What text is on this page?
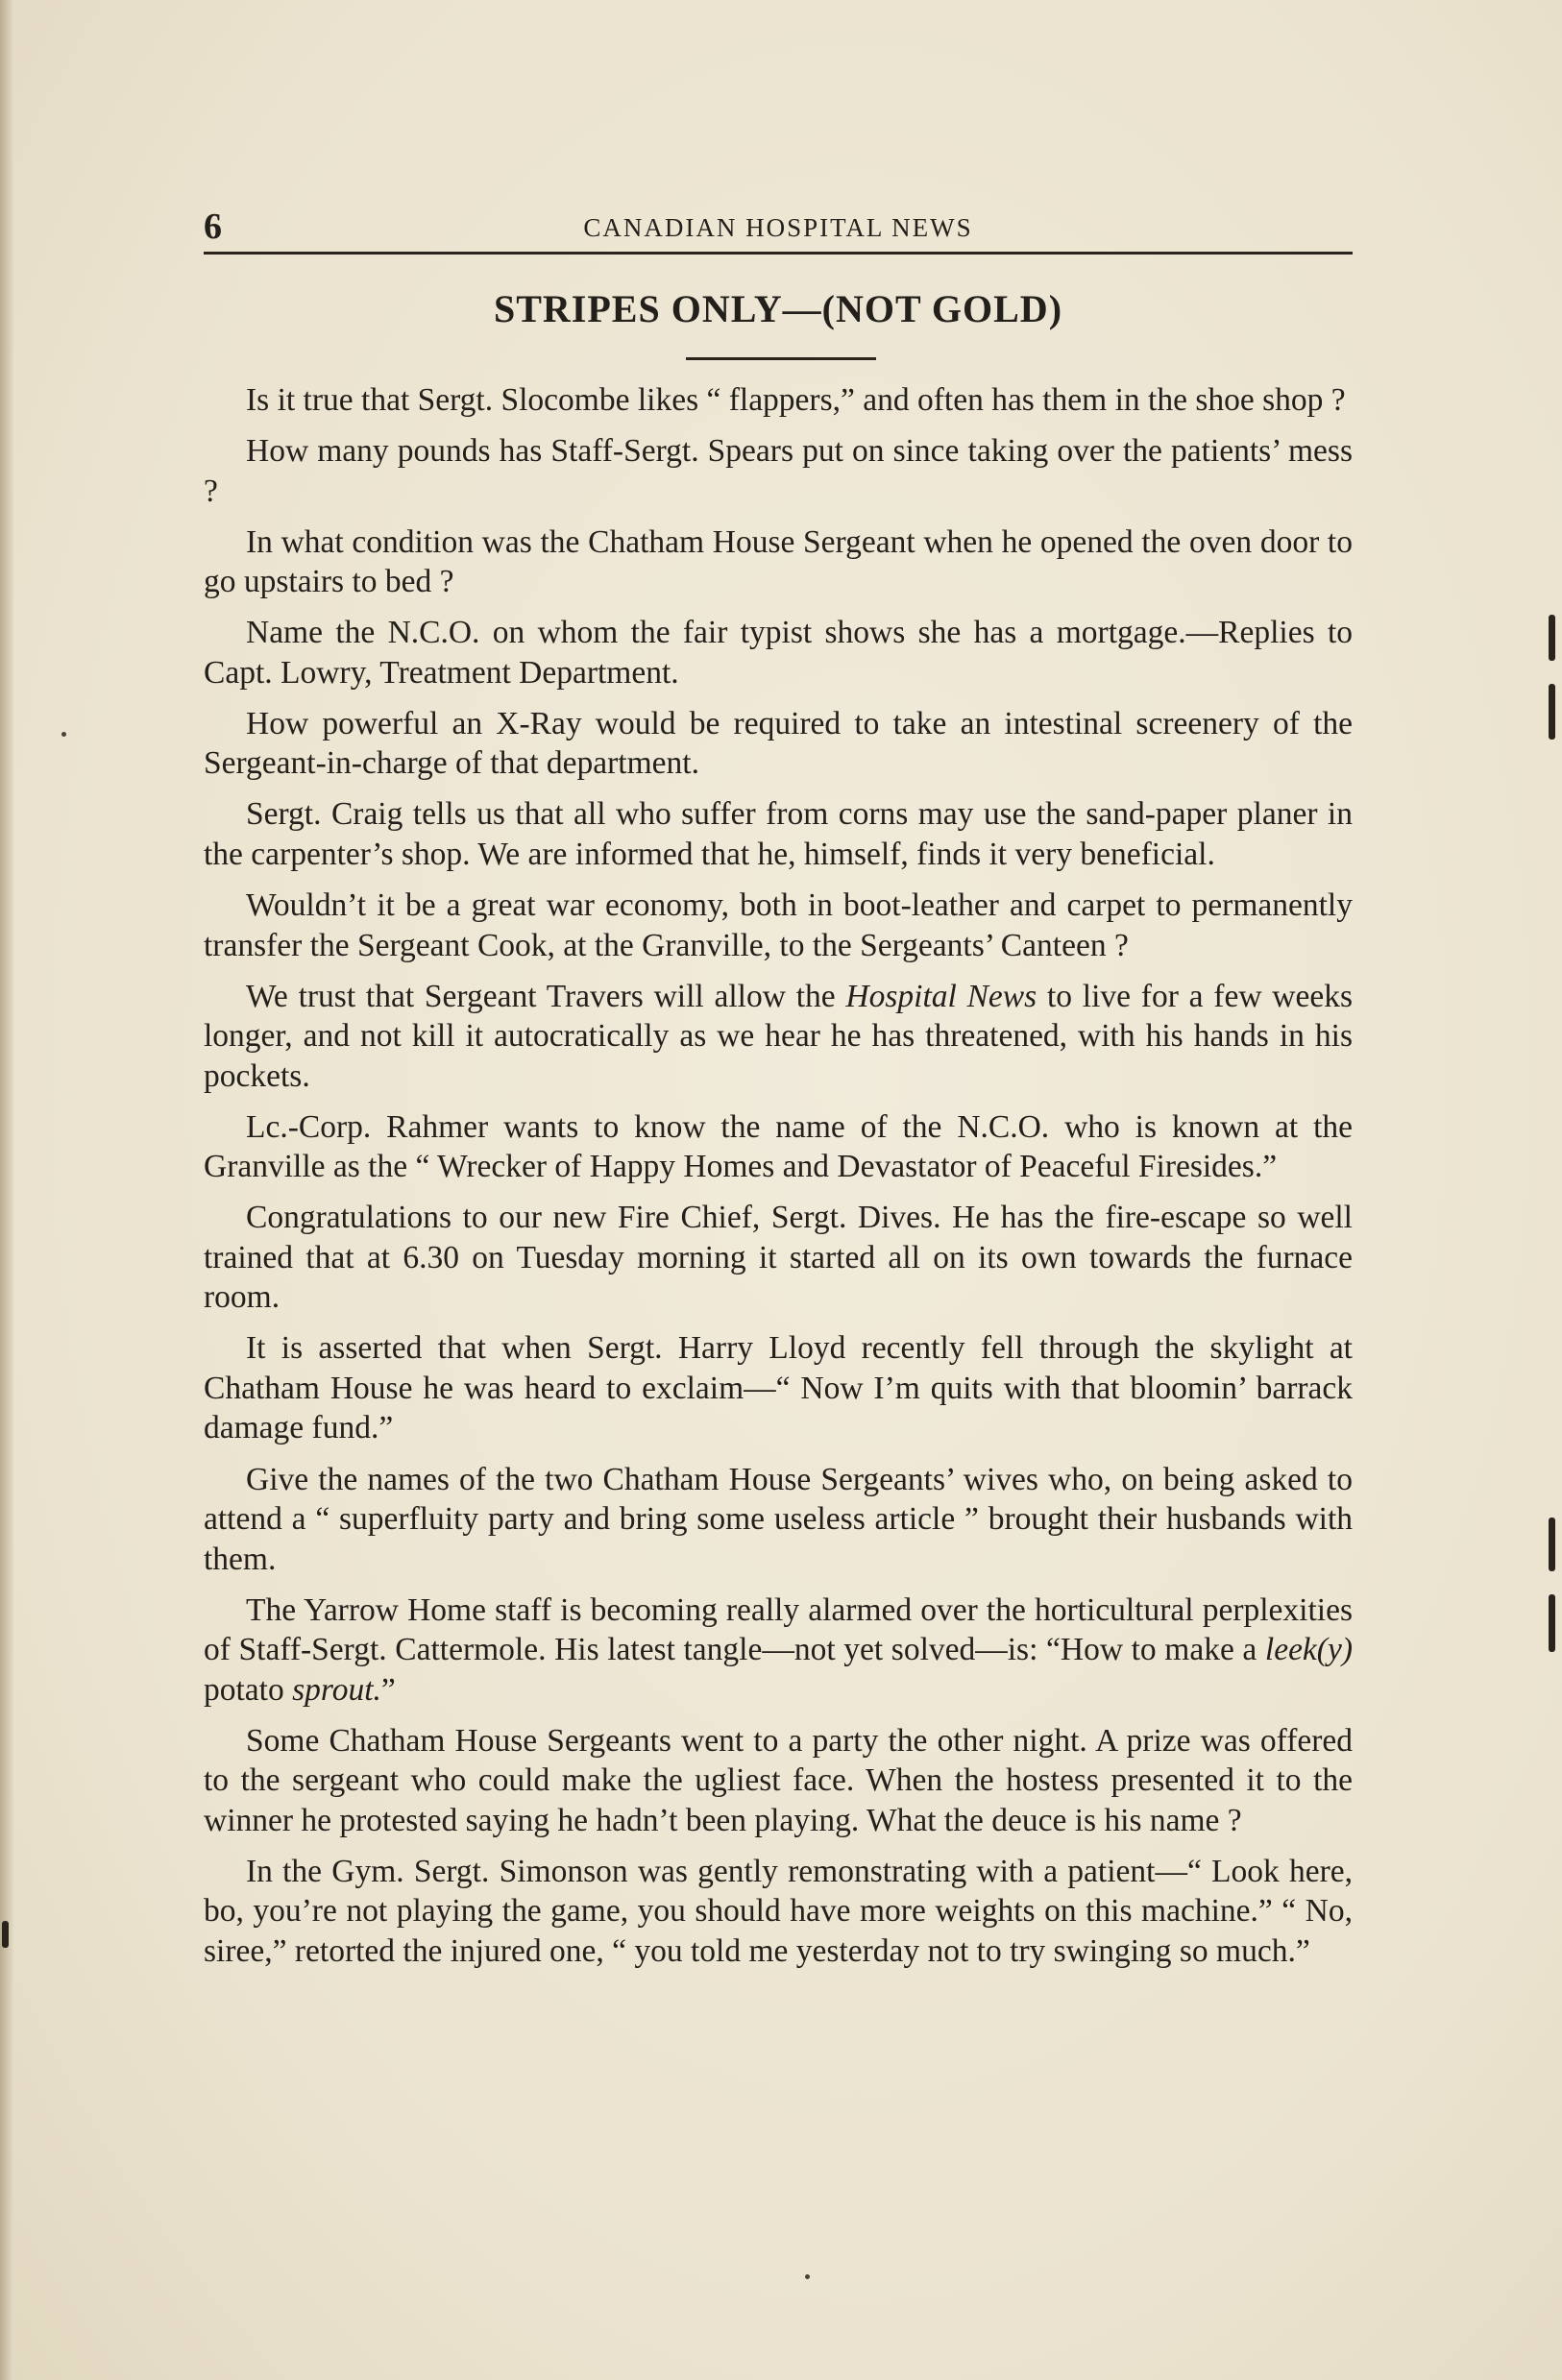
6	CANADIAN HOSPITAL NEWS
STRIPES ONLY—(NOT GOLD)

Is it true that Sergt. Slocombe likes “ flappers,” and often has them in the shoe shop ?

How many pounds has Staff-Sergt. Spears put on since taking over the patients’ mess ?

In what condition was the Chatham House Sergeant when he opened the oven door to go upstairs to bed ?

Name the N.C.O. on whom the fair typist shows she has a mortgage.—Replies to Capt. Lowry, Treatment Department.

How powerful an X-Ray would be required to take an intestinal screenery of the Sergeant-in-charge of that department.

Sergt. Craig tells us that all who suffer from corns may use the sand-paper planer in the carpenter’s shop. We are informed that he, himself, finds it very beneficial.

Wouldn’t it be a great war economy, both in boot-leather and carpet to permanently transfer the Sergeant Cook, at the Granville, to the Sergeants’ Canteen ?

We trust that Sergeant Travers will allow the Hospital News to live for a few weeks longer, and not kill it autocratically as we hear he has threatened, with his hands in his pockets.

Lc.-Corp. Rahmer wants to know the name of the N.C.O. who is known at the Granville as the “ Wrecker of Happy Homes and Devastator of Peaceful Firesides.”

Congratulations to our new Fire Chief, Sergt. Dives. He has the fire-escape so well trained that at 6.30 on Tuesday morning it started all on its own towards the furnace room.

It is asserted that when Sergt. Harry Lloyd recently fell through the skylight at Chatham House he was heard to exclaim—“ Now I’m quits with that bloomin’ barrack damage fund.”

Give the names of the two Chatham House Sergeants’ wives who, on being asked to attend a “ superfluity party and bring some useless article ” brought their husbands with them.

The Yarrow Home staff is becoming really alarmed over the horticultural perplexities of Staff-Sergt. Cattermole. His latest tangle—not yet solved—is: “How to make a leek(y) potato sprout.”

Some Chatham House Sergeants went to a party the other night. A prize was offered to the sergeant who could make the ugliest face. When the hostess presented it to the winner he protested saying he hadn’t been playing. What the deuce is his name ?

In the Gym. Sergt. Simonson was gently remonstrating with a patient—“ Look here, bo, you’re not playing the game, you should have more weights on this machine.” “ No, siree,” retorted the injured one, “ you told me yesterday not to try swinging so much.”
